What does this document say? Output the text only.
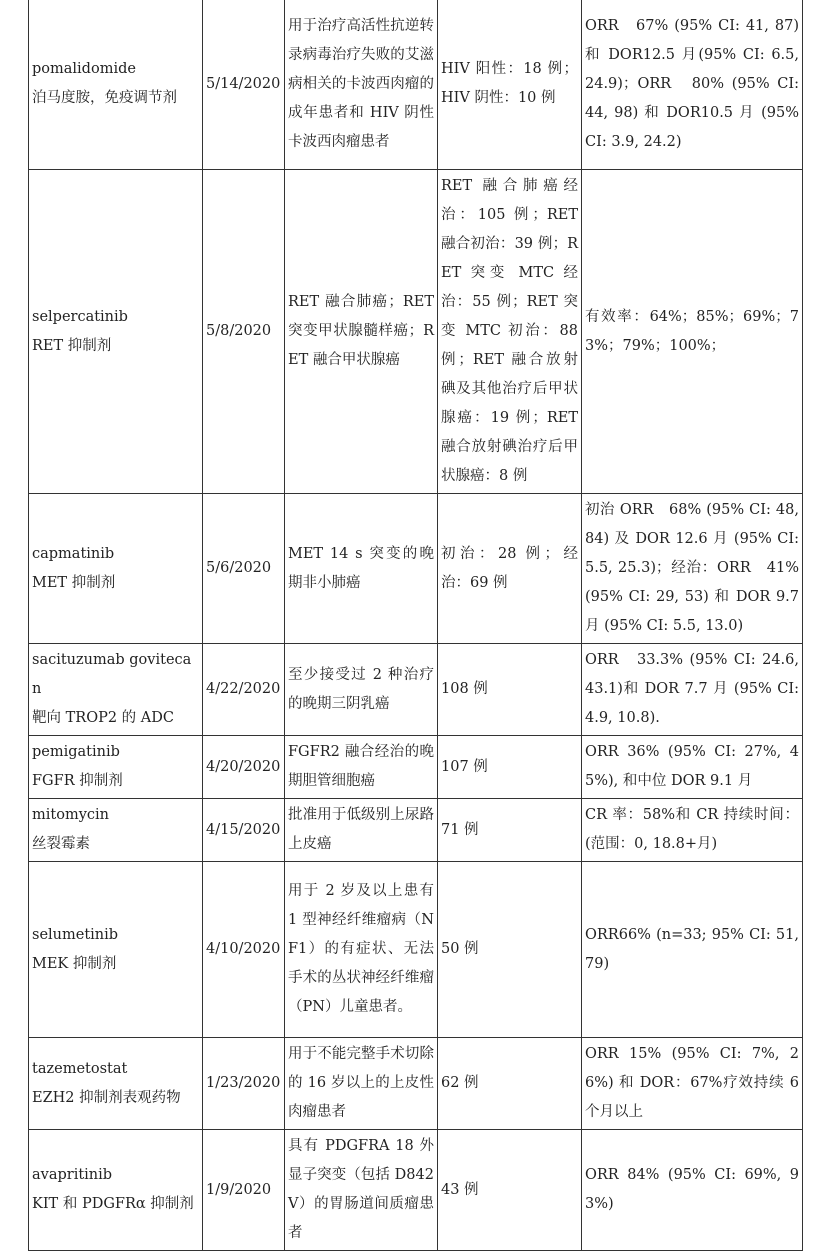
pomalidomide
泊马度胺，免疫调节剂	5/14/2020	用于治疗高活性抗逆转录病毒治疗失败的艾滋病相关的卡波西肉瘤的成年患者和 HIV 阴性卡波西肉瘤患者	HIV 阳性：18 例；HIV 阴性：10 例	ORR　67% (95% CI: 41, 87) 和 DOR12.5 月(95% CI: 6.5, 24.9)；ORR　80% (95% CI: 44, 98) 和 DOR10.5 月 (95% CI: 3.9, 24.2)

selpercatinib
RET 抑制剂	5/8/2020	RET 融合肺癌；RET 突变甲状腺髓样癌；RET 融合甲状腺癌	RET 融合肺癌经治：105 例；RET 融合初治：39 例；RET 突变 MTC 经治：55 例；RET 突变 MTC 初治：88 例；RET 融合放射碘及其他治疗后甲状腺癌：19 例；RET 融合放射碘治疗后甲状腺癌：8 例	有效率：64%；85%；69%；73%；79%；100%；

capmatinib
MET 抑制剂	5/6/2020	MET 14 s 突变的晚期非小肺癌	初治：28 例；经治：69 例	初治 ORR　68% (95% CI: 48, 84) 及 DOR 12.6 月 (95% CI: 5.5, 25.3)；经治：ORR　41% (95% CI: 29, 53) 和 DOR 9.7 月 (95% CI: 5.5, 13.0)

sacituzumab govitecan
靶向 TROP2 的 ADC	4/22/2020	至少接受过 2 种治疗的晚期三阴乳癌	108 例	ORR　33.3% (95% CI: 24.6, 43.1)和 DOR 7.7 月 (95% CI: 4.9, 10.8).

pemigatinib
FGFR 抑制剂	4/20/2020	FGFR2 融合经治的晚期胆管细胞癌	107 例	ORR 36% (95% CI: 27%, 45%), 和中位 DOR 9.1 月

mitomycin
丝裂霉素	4/15/2020	批准用于低级别上尿路上皮癌	71 例	CR 率：58%和 CR 持续时间：(范围：0, 18.8+月)

selumetinib
MEK 抑制剂	4/10/2020	用于 2 岁及以上患有 1 型神经纤维瘤病（NF1）的有症状、无法手术的丛状神经纤维瘤（PN）儿童患者。	50 例	ORR66% (n=33; 95% CI: 51,79)

tazemetostat
EZH2 抑制剂表观药物	1/23/2020	用于不能完整手术切除的 16 岁以上的上皮性肉瘤患者	62 例	ORR 15% (95% CI: 7%, 26%) 和 DOR：67%疗效持续 6 个月以上

avapritinib
KIT 和 PDGFRα 抑制剂	1/9/2020	具有 PDGFRA 18 外显子突变（包括 D842V）的胃肠道间质瘤患者	43 例	ORR 84% (95% CI: 69%, 93%)
